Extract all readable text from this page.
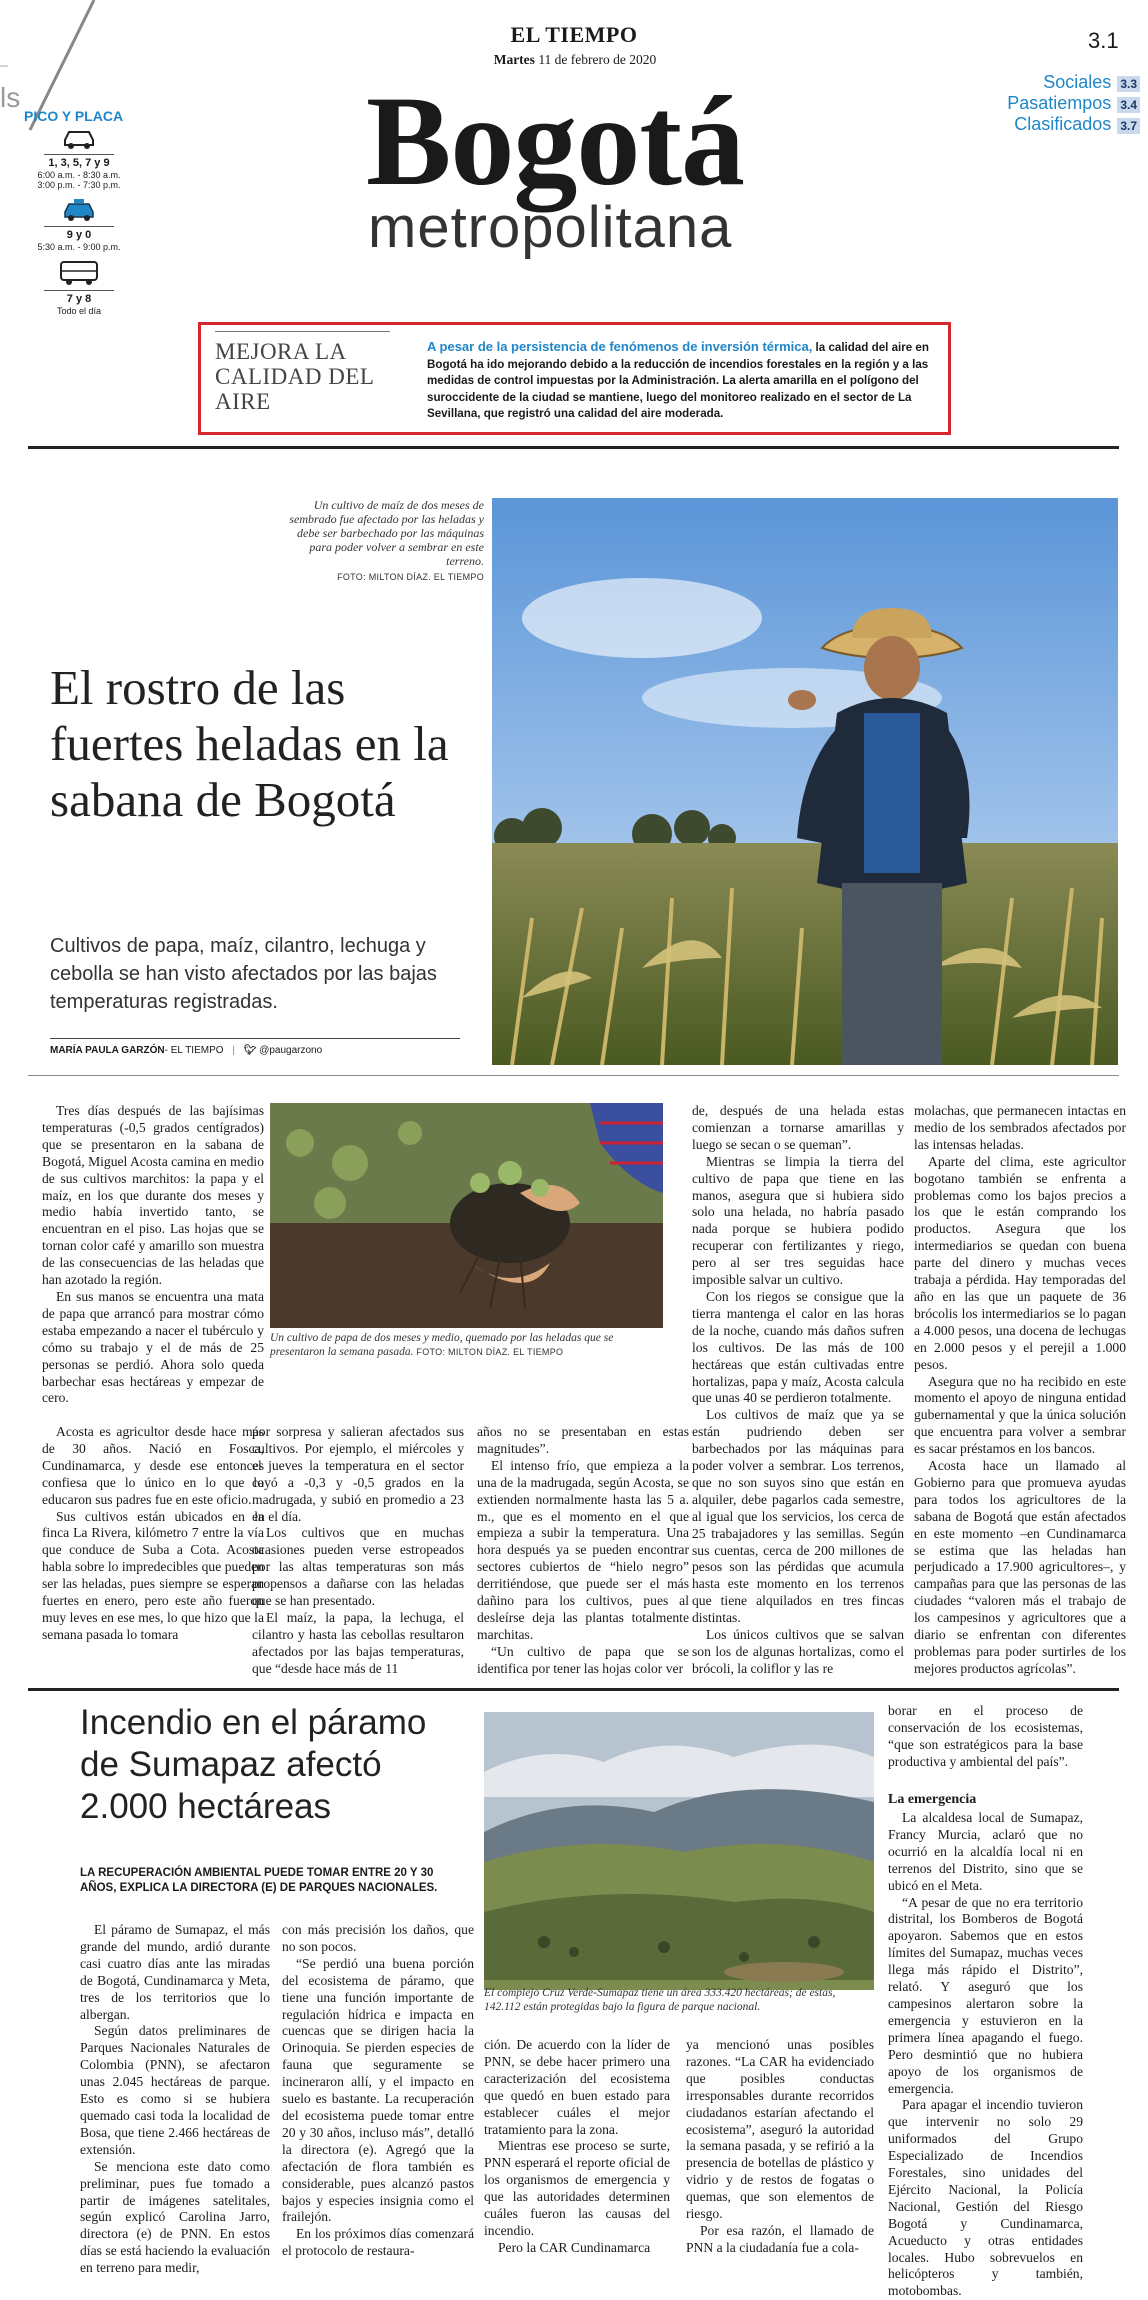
ls
EL TIEMPO
Martes 11 de febrero de 2020
3.1
Bogotá
metropolitana
Sociales 3.3
Pasatiempos 3.4
Clasificados 3.7
PICO Y PLACA
1, 3, 5, 7 y 9
6:00 a.m. - 8:30 a.m.
3:00 p.m. - 7:30 p.m.
9 y 0
5:30 a.m. - 9:00 p.m.
7 y 8
Todo el día
MEJORA LA CALIDAD DEL AIRE
A pesar de la persistencia de fenómenos de inversión térmica, la calidad del aire en Bogotá ha ido mejorando debido a la reducción de incendios forestales en la región y a las medidas de control impuestas por la Administración. La alerta amarilla en el polígono del suroccidente de la ciudad se mantiene, luego del monitoreo realizado en el sector de La Sevillana, que registró una calidad del aire moderada.
Un cultivo de maíz de dos meses de sembrado fue afectado por las heladas y debe ser barbechado por las máquinas para poder volver a sembrar en este terreno.
FOTO: MILTON DÍAZ. EL TIEMPO
El rostro de las fuertes heladas en la sabana de Bogotá
Cultivos de papa, maíz, cilantro, lechuga y cebolla se han visto afectados por las bajas temperaturas registradas.
MARÍA PAULA GARZÓN- EL TIEMPO | 🐦︎ @paugarzono

Tres días después de las bajísimas temperaturas (-0,5 grados centígrados) que se presentaron en la sabana de Bogotá, Miguel Acosta camina en medio de sus cultivos marchitos: la papa y el maíz, en los que durante dos meses y medio había invertido tanto, se encuentran en el piso. Las hojas que se tornan color café y amarillo son muestra de las consecuencias de las heladas que han azotado la región.

En sus manos se encuentra una mata de papa que arrancó para mostrar cómo estaba empezando a nacer el tubérculo y cómo su trabajo y el de más de 25 personas se perdió. Ahora solo queda barbechar esas hectáreas y empezar de cero.

Acosta es agricultor desde hace más de 30 años. Nació en Fosca, Cundinamarca, y desde ese entonces confiesa que lo único en lo que lo educaron sus padres fue en este oficio.

Sus cultivos están ubicados en la finca La Rivera, kilómetro 7 entre la vía que conduce de Suba a Cota. Acosta habla sobre lo impredecibles que pueden ser las heladas, pues siempre se esperan fuertes en enero, pero este año fueron muy leves en ese mes, lo que hizo que la semana pasada lo tomara

Un cultivo de papa de dos meses y medio, quemado por las heladas que se presentaron la semana pasada. FOTO: MILTON DÍAZ. EL TIEMPO

por sorpresa y salieran afectados sus cultivos. Por ejemplo, el miércoles y el jueves la temperatura en el sector cayó a -0,3 y -0,5 grados en la madrugada, y subió en promedio a 23 en el día.

Los cultivos que en muchas ocasiones pueden verse estropeados por las altas temperaturas son más propensos a dañarse con las heladas que se han presentado.

El maíz, la papa, la lechuga, el cilantro y hasta las cebollas resultaron afectados por las bajas temperaturas, que “desde hace más de 11

años no se presentaban en estas magnitudes”.

El intenso frío, que empieza a la una de la madrugada, según Acosta, se extienden normalmente hasta las 5 a. m., que es el momento en el que empieza a subir la temperatura. Una hora después ya se pueden encontrar sectores cubiertos de “hielo negro” derritiéndose, que puede ser el más dañino para los cultivos, pues al desleírse deja las plantas totalmente marchitas.

“Un cultivo de papa que se identifica por tener las hojas color ver

de, después de una helada estas comienzan a tornarse amarillas y luego se secan o se queman”.

Mientras se limpia la tierra del cultivo de papa que tiene en las manos, asegura que si hubiera sido solo una helada, no habría pasado nada porque se hubiera podido recuperar con fertilizantes y riego, pero al ser tres seguidas hace imposible salvar un cultivo.

Con los riegos se consigue que la tierra mantenga el calor en las horas de la noche, cuando más daños sufren los cultivos. De las más de 100 hectáreas que están cultivadas entre hortalizas, papa y maíz, Acosta calcula que unas 40 se perdieron totalmente.

Los cultivos de maíz que ya se están pudriendo deben ser barbechados por las máquinas para poder volver a sembrar. Los terrenos, que no son suyos sino que están en alquiler, debe pagarlos cada semestre, al igual que los servicios, los cerca de 25 trabajadores y las semillas. Según sus cuentas, cerca de 200 millones de pesos son las pérdidas que acumula hasta este momento en los terrenos que tiene alquilados en tres fincas distintas.

Los únicos cultivos que se salvan son los de algunas hortalizas, como el brócoli, la coliflor y las re

molachas, que permanecen intactas en medio de los sembrados afectados por las intensas heladas.

Aparte del clima, este agricultor bogotano también se enfrenta a problemas como los bajos precios a los que le están comprando los productos. Asegura que los intermediarios se quedan con buena parte del dinero y muchas veces trabaja a pérdida. Hay temporadas del año en las que un paquete de 36 brócolis los intermediarios se lo pagan a 4.000 pesos, una docena de lechugas en 2.000 pesos y el perejil a 1.000 pesos.

Asegura que no ha recibido en este momento el apoyo de ninguna entidad gubernamental y que la única solución que encuentra para volver a sembrar es sacar préstamos en los bancos.

Acosta hace un llamado al Gobierno para que promueva ayudas para todos los agricultores de la sabana de Bogotá que están afectados en este momento –en Cundinamarca se estima que las heladas han perjudicado a 17.900 agricultores–, y campañas para que las personas de las ciudades “valoren más el trabajo de los campesinos y agricultores que a diario se enfrentan con diferentes problemas para poder surtirles de los mejores productos agrícolas”.

Incendio en el páramo de Sumapaz afectó 2.000 hectáreas
LA RECUPERACIÓN AMBIENTAL PUEDE TOMAR ENTRE 20 Y 30 AÑOS, EXPLICA LA DIRECTORA (E) DE PARQUES NACIONALES.
El complejo Cruz Verde-Sumapaz tiene un área 333.420 hectáreas; de estas, 142.112 están protegidas bajo la figura de parque nacional.

El páramo de Sumapaz, el más grande del mundo, ardió durante casi cuatro días ante las miradas de Bogotá, Cundinamarca y Meta, tres de los territorios que lo albergan.

Según datos preliminares de Parques Nacionales Naturales de Colombia (PNN), se afectaron unas 2.045 hectáreas de parque. Esto es como si se hubiera quemado casi toda la localidad de Bosa, que tiene 2.466 hectáreas de extensión.

Se menciona este dato como preliminar, pues fue tomado a partir de imágenes satelitales, según explicó Carolina Jarro, directora (e) de PNN. En estos días se está haciendo la evaluación en terreno para medir,

con más precisión los daños, que no son pocos.

“Se perdió una buena porción del ecosistema de páramo, que tiene una función importante de regulación hídrica e impacta en cuencas que se dirigen hacia la Orinoquia. Se pierden especies de fauna que seguramente se incineraron allí, y el impacto en suelo es bastante. La recuperación del ecosistema puede tomar entre 20 y 30 años, incluso más”, detalló la directora (e). Agregó que la afectación de flora también es considerable, pues alcanzó pastos bajos y especies insignia como el frailejón.

En los próximos días comenzará el protocolo de restaura-

ción. De acuerdo con la líder de PNN, se debe hacer primero una caracterización del ecosistema que quedó en buen estado para establecer cuáles el mejor tratamiento para la zona.

Mientras ese proceso se surte, PNN esperará el reporte oficial de los organismos de emergencia y que las autoridades determinen cuáles fueron las causas del incendio.

Pero la CAR Cundinamarca

ya mencionó unas posibles razones. “La CAR ha evidenciado que posibles conductas irresponsables durante recorridos ciudadanos estarían afectando el ecosistema”, aseguró la autoridad la semana pasada, y se refirió a la presencia de botellas de plástico y vidrio y de restos de fogatas o quemas, que son elementos de riesgo.

Por esa razón, el llamado de PNN a la ciudadanía fue a cola-

borar en el proceso de conservación de los ecosistemas, “que son estratégicos para la base productiva y ambiental del país”.

La emergencia

La alcaldesa local de Sumapaz, Francy Murcia, aclaró que no ocurrió en la alcaldía local ni en terrenos del Distrito, sino que se ubicó en el Meta.

“A pesar de que no era territorio distrital, los Bomberos de Bogotá apoyaron. Sabemos que en estos límites del Sumapaz, muchas veces llega más rápido el Distrito”, relató. Y aseguró que los campesinos alertaron sobre la emergencia y estuvieron en la primera línea apagando el fuego. Pero desmintió que no hubiera apoyo de los organismos de emergencia.

Para apagar el incendio tuvieron que intervenir no solo 29 uniformados del Grupo Especializado de Incendios Forestales, sino unidades del Ejército Nacional, la Policía Nacional, Gestión del Riesgo Bogotá y Cundinamarca, Acueducto y otras entidades locales. Hubo sobrevuelos en helicópteros y también, motobombas.
